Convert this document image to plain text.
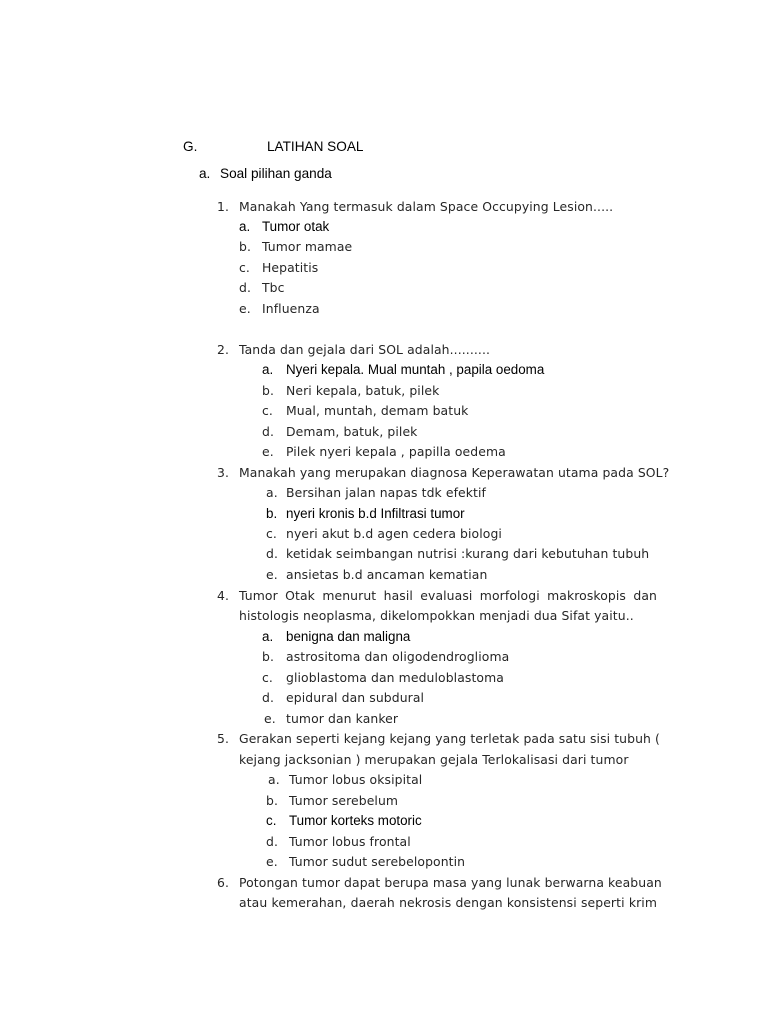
G.	LATIHAN SOAL
a. Soal pilihan ganda
1. Manakah Yang termasuk dalam Space Occupying Lesion.....
a. Tumor otak
b. Tumor mamae
c. Hepatitis
d. Tbc
e. Influenza
2. Tanda dan gejala dari SOL adalah..........
a. Nyeri kepala. Mual muntah , papila oedoma
b. Neri kepala, batuk, pilek
c. Mual, muntah, demam batuk
d. Demam, batuk, pilek
e. Pilek nyeri kepala , papilla oedema
3. Manakah yang merupakan diagnosa Keperawatan utama pada SOL?
a. Bersihan jalan napas tdk efektif
b. nyeri kronis b.d Infiltrasi tumor
c. nyeri akut b.d agen cedera biologi
d. ketidak seimbangan nutrisi :kurang dari kebutuhan tubuh
e. ansietas b.d ancaman kematian
4. Tumor Otak menurut hasil evaluasi morfologi makroskopis dan
histologis neoplasma, dikelompokkan menjadi dua Sifat yaitu..
a. benigna dan maligna
b. astrositoma dan oligodendroglioma
c. glioblastoma dan meduloblastoma
d. epidural dan subdural
e. tumor dan kanker
5. Gerakan seperti kejang kejang yang terletak pada satu sisi tubuh (
kejang jacksonian ) merupakan gejala Terlokalisasi dari tumor
a. Tumor lobus oksipital
b. Tumor serebelum
c. Tumor korteks motoric
d. Tumor lobus frontal
e. Tumor sudut serebelopontin
6. Potongan tumor dapat berupa masa yang lunak berwarna keabuan
atau kemerahan, daerah nekrosis dengan konsistensi seperti krim
